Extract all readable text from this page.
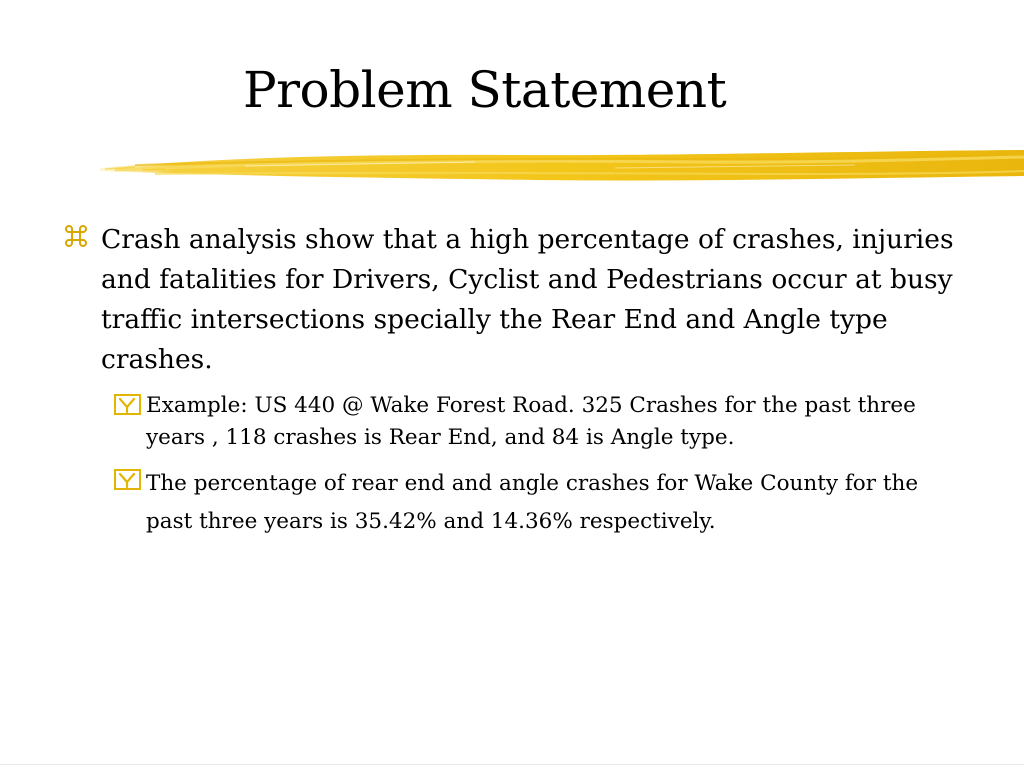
Problem Statement
Crash analysis show that a high percentage of crashes, injuries and fatalities for Drivers, Cyclist and Pedestrians occur at busy traffic intersections specially the Rear End and Angle type crashes.
Example: US 440 @ Wake Forest Road. 325 Crashes for the past three years , 118 crashes is Rear End, and 84 is Angle type.
The percentage of rear end and angle crashes for Wake County for the past three years is 35.42% and 14.36% respectively.
